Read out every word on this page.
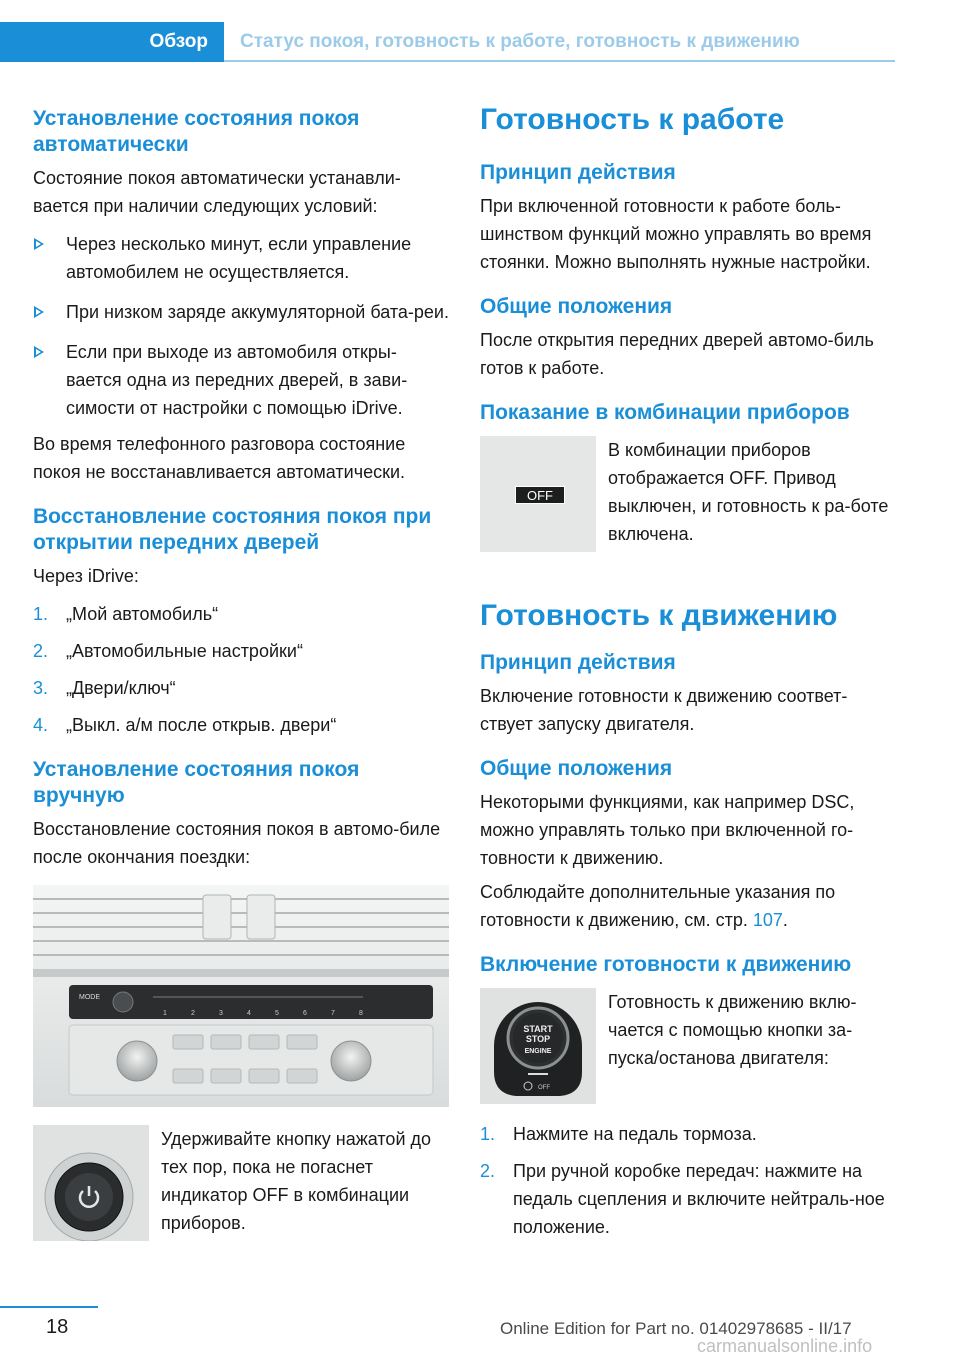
Обзор	Статус покоя, готовность к работе, готовность к движению
Установление состояния покоя автоматически

Состояние покоя автоматически устанавли-вается при наличии следующих условий:

Через несколько минут, если управление автомобилем не осуществляется.
При низком заряде аккумуляторной бата-реи.
Если при выходе из автомобиля откры-вается одна из передних дверей, в зави-симости от настройки с помощью iDrive.

Во время телефонного разговора состояние покоя не восстанавливается автоматически.

Восстановление состояния покоя при открытии передних дверей

Через iDrive:

1. „Мой автомобиль“
2. „Автомобильные настройки“
3. „Двери/ключ“
4. „Выкл. а/м после открыв. двери“
Установление состояния покоя вручную

Восстановление состояния покоя в автомо-биле после окончания поездки:

MODE
1	2	3	4	5	6	7	8

Удерживайте кнопку нажатой до тех пор, пока не погаснет индикатор OFF в комбинации приборов.

Готовность к работе
Принцип действия

При включенной готовности к работе боль-шинством функций можно управлять во время стоянки. Можно выполнять нужные настройки.

Общие положения

После открытия передних дверей автомо-биль готов к работе.

Показание в комбинации приборов
OFF

В комбинации приборов отображается OFF. Привод выключен, и готовность к ра-боте включена.

Готовность к движению
Принцип действия

Включение готовности к движению соответ-ствует запуску двигателя.

Общие положения

Некоторыми функциями, как например DSC, можно управлять только при включенной го-товности к движению.

Соблюдайте дополнительные указания по готовности к движению, см. стр. 107.

Включение готовности к движению
START
STOP
ENGINE
OFF

Готовность к движению вклю-чается с помощью кнопки за-пуска/останова двигателя:

1. Нажмите на педаль тормоза.
2. При ручной коробке передач: нажмите на педаль сцепления и включите нейтраль-ное положение.
18	Online Edition for Part no. 01402978685 - II/17
carmanualsonline.info
